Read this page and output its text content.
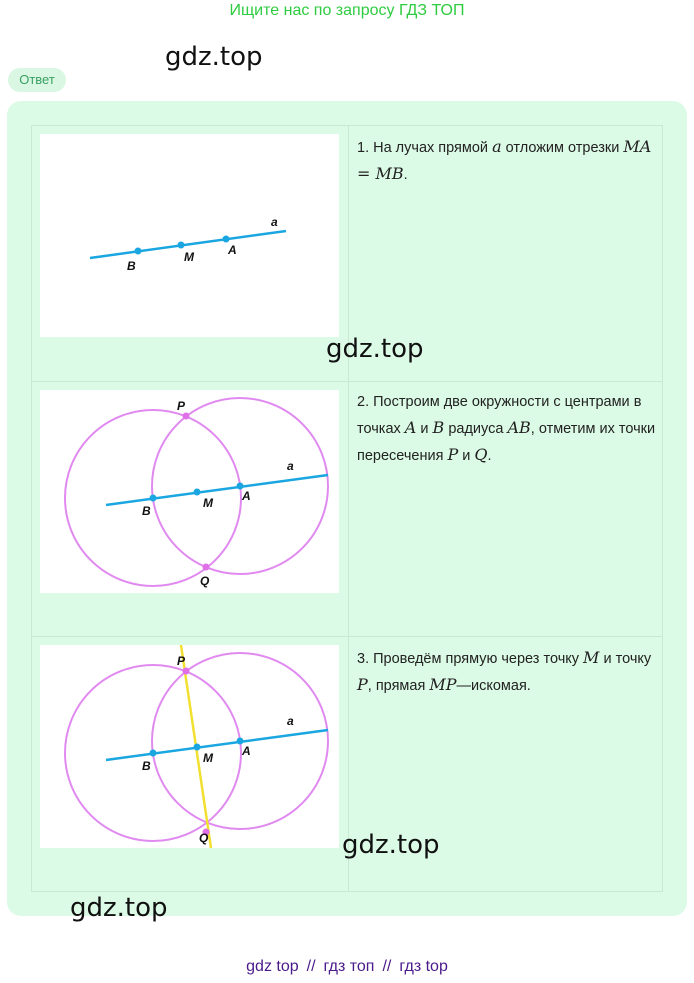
Ищите нас по запросу ГДЗ ТОП
gdz.top
Ответ
B
M	A
a
1. На лучах прямой a отложим отрезки MA = MB.
P
Q
B
M A
a
2. Построим две окружности с центрами в точках A и B радиуса AB, отметим их точки пересечения P и Q.
P
Q
B
M A
a
3. Проведём прямую через точку M и точку P, прямая MP—искомая.
gdz.top
gdz.top
gdz.top
gdz top // гдз топ // гдз top
